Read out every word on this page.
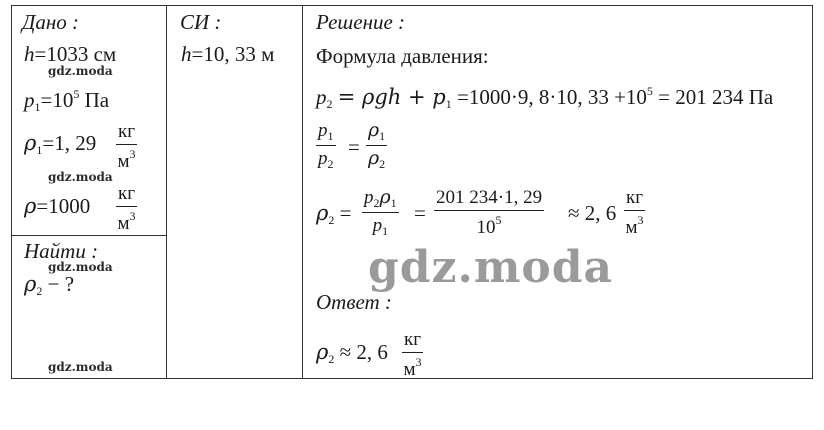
Дано :	СИ :	Решение :
h=1033 см
$p1=10^5$ Па
ρ1=1, 29 кг
$м^3$
ρ=1000
кг
$м^3$
Найти :
ρ2 − ?
h=10, 33 м Формула давления:
p2 = ρgh + p1 =1000·9, 8·10, $33 +10^5 = 201$ 234 Па
$\frac{p_1}{p_2} = \frac{\rho_1}{\rho_2}$
$\rho 2 = \frac{p_2\rho_1}{p_1} = \frac{201 234\cdot 1, 29}{10^5} \approx 2$, 6
кг
$м^3$
Ответ :
ρ2 ≈ 2, 6
кг
$м^3$
gdz.moda
gdz.moda
gdz.moda
gdz.moda
gdz.moda
